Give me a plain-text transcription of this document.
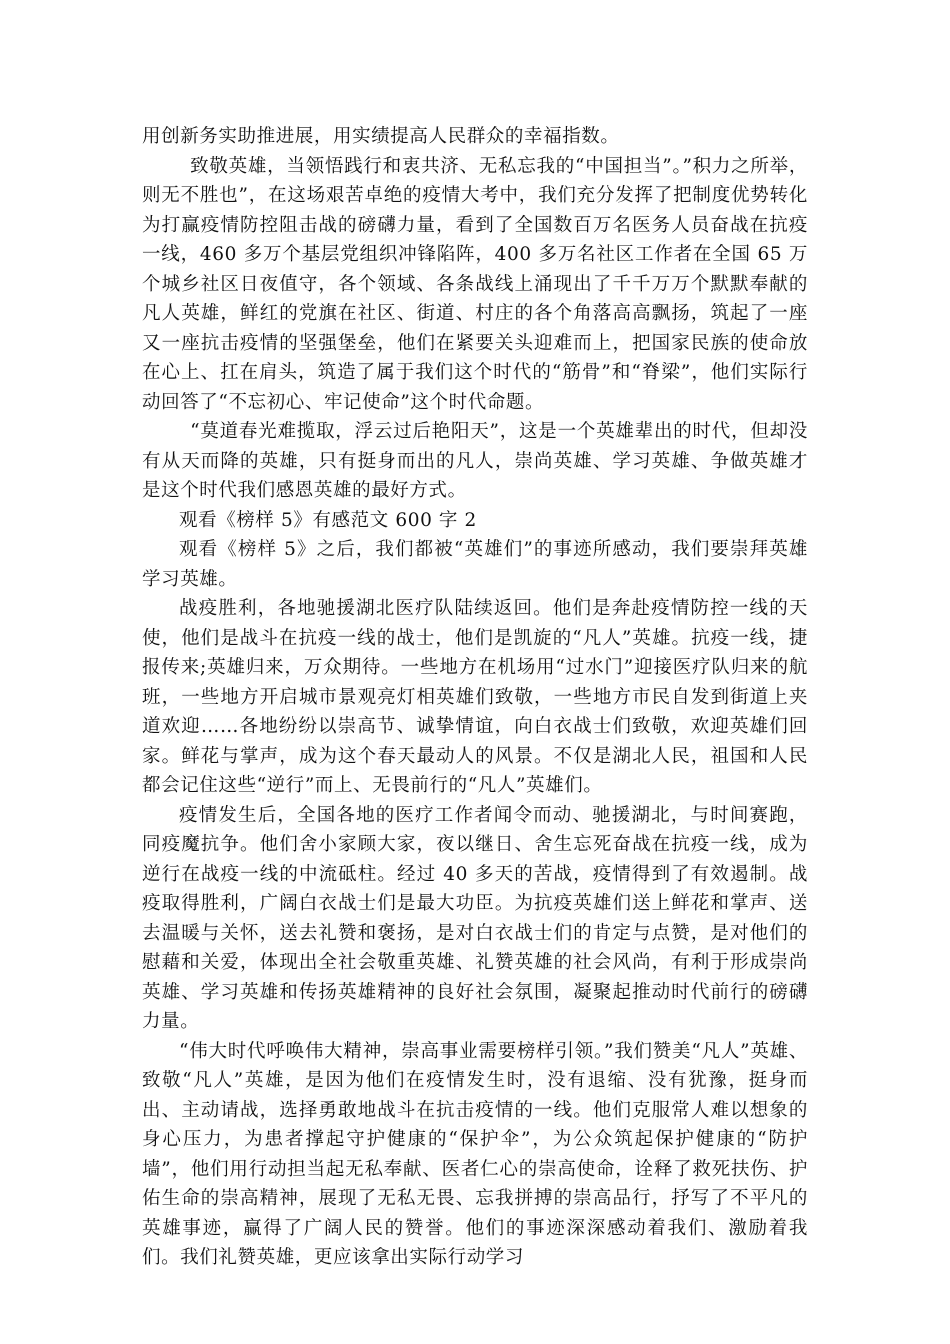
用创新务实助推进展，用实绩提高人民群众的幸福指数。

致敬英雄，当领悟践行和衷共济、无私忘我的“中国担当”。”积力之所举，则无不胜也”，在这场艰苦卓绝的疫情大考中，我们充分发挥了把制度优势转化为打赢疫情防控阻击战的磅礴力量，看到了全国数百万名医务人员奋战在抗疫一线，460 多万个基层党组织冲锋陷阵，400 多万名社区工作者在全国 65 万个城乡社区日夜值守，各个领域、各条战线上涌现出了千千万万个默默奉献的凡人英雄，鲜红的党旗在社区、街道、村庄的各个角落高高飘扬，筑起了一座又一座抗击疫情的坚强堡垒，他们在紧要关头迎难而上，把国家民族的使命放在心上、扛在肩头，筑造了属于我们这个时代的“筋骨”和“脊梁”，他们实际行动回答了“不忘初心、牢记使命”这个时代命题。

“莫道春光难揽取，浮云过后艳阳天”，这是一个英雄辈出的时代，但却没有从天而降的英雄，只有挺身而出的凡人，崇尚英雄、学习英雄、争做英雄才是这个时代我们感恩英雄的最好方式。

观看《榜样 5》有感范文 600 字 2

观看《榜样 5》之后，我们都被“英雄们”的事迹所感动，我们要崇拜英雄学习英雄。

战疫胜利，各地驰援湖北医疗队陆续返回。他们是奔赴疫情防控一线的天使，他们是战斗在抗疫一线的战士，他们是凯旋的“凡人”英雄。抗疫一线，捷报传来;英雄归来，万众期待。一些地方在机场用“过水门”迎接医疗队归来的航班，一些地方开启城市景观亮灯相英雄们致敬，一些地方市民自发到街道上夹道欢迎……各地纷纷以崇高节、诚挚情谊，向白衣战士们致敬，欢迎英雄们回家。鲜花与掌声，成为这个春天最动人的风景。不仅是湖北人民，祖国和人民都会记住这些“逆行”而上、无畏前行的“凡人”英雄们。

疫情发生后，全国各地的医疗工作者闻令而动、驰援湖北，与时间赛跑，同疫魔抗争。他们舍小家顾大家，夜以继日、舍生忘死奋战在抗疫一线，成为逆行在战疫一线的中流砥柱。经过 40 多天的苦战，疫情得到了有效遏制。战疫取得胜利，广阔白衣战士们是最大功臣。为抗疫英雄们送上鲜花和掌声、送去温暖与关怀，送去礼赞和褒扬，是对白衣战士们的肯定与点赞，是对他们的慰藉和关爱，体现出全社会敬重英雄、礼赞英雄的社会风尚，有利于形成崇尚英雄、学习英雄和传扬英雄精神的良好社会氛围，凝聚起推动时代前行的磅礴力量。

“伟大时代呼唤伟大精神，崇高事业需要榜样引领。”我们赞美“凡人”英雄、致敬“凡人”英雄，是因为他们在疫情发生时，没有退缩、没有犹豫，挺身而出、主动请战，选择勇敢地战斗在抗击疫情的一线。他们克服常人难以想象的身心压力，为患者撑起守护健康的“保护伞”，为公众筑起保护健康的“防护墙”，他们用行动担当起无私奉献、医者仁心的崇高使命，诠释了救死扶伤、护佑生命的崇高精神，展现了无私无畏、忘我拼搏的崇高品行，抒写了不平凡的英雄事迹，赢得了广阔人民的赞誉。他们的事迹深深感动着我们、激励着我们。我们礼赞英雄，更应该拿出实际行动学习
